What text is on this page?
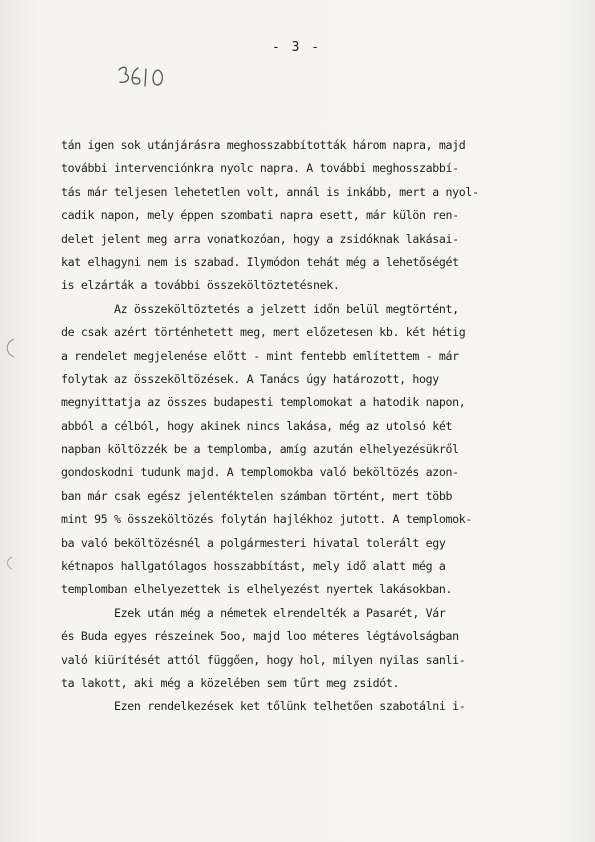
- 3 -
tán igen sok utánjárásra meghosszabbították három napra, majd
további intervenciónkra nyolc napra. A további meghosszabbí-
tás már teljesen lehetetlen volt, annál is inkább, mert a nyol-
cadik napon, mely éppen szombati napra esett, már külön ren-
delet jelent meg arra vonatkozóan, hogy a zsidóknak lakásai-
kat elhagyni nem is szabad. Ilymódon tehát még a lehetőségét
is elzárták a további összeköltöztetésnek.
Az összeköltöztetés a jelzett időn belül megtörtént,
de csak azért történhetett meg, mert előzetesen kb. két hétig
a rendelet megjelenése előtt - mint fentebb említettem - már
folytak az összeköltözések. A Tanács úgy határozott, hogy
megnyittatja az összes budapesti templomokat a hatodik napon,
abból a célból, hogy akinek nincs lakása, még az utolsó két
napban költözzék be a templomba, amíg azután elhelyezésükről
gondoskodni tudunk majd. A templomokba való beköltözés azon-
ban már csak egész jelentéktelen számban történt, mert több
mint 95 % összeköltözés folytán hajlékhoz jutott. A templomok-
ba való beköltözésnél a polgármesteri hivatal tolerált egy
kétnapos hallgatólagos hosszabbítást, mely idő alatt még a
templomban elhelyezettek is elhelyezést nyertek lakásokban.
Ezek után még a németek elrendelték a Pasarét, Vár
és Buda egyes részeinek 5oo, majd loo méteres légtávolságban
való kiürítését attól függően, hogy hol, milyen nyilas sanli-
ta lakott, aki még a közelében sem tűrt meg zsidót.
Ezen rendelkezések ket tőlünk telhetően szabotálni i-
